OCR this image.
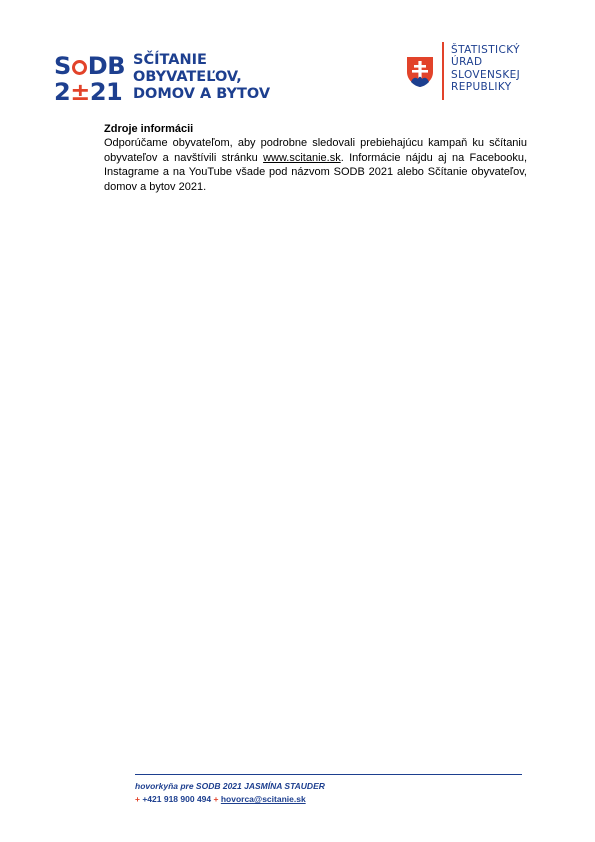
S DB
2±21
SČÍTANIE
OBYVATEĽOV,
DOMOV A BYTOV
ŠTATISTICKÝ
ÚRAD
SLOVENSKEJ
REPUBLIKY
Zdroje informácii

Odporúčame obyvateľom, aby podrobne sledovali prebiehajúcu kampaň ku sčítaniu obyvateľov a navštívili stránku www.scitanie.sk. Informácie nájdu aj na Facebooku, Instagrame a na YouTube všade pod názvom SODB 2021 alebo Sčítanie obyvateľov, domov a bytov 2021.

hovorkyňa pre SODB 2021 JASMÍNA STAUDER
+ +421 918 900 494 + hovorca@scitanie.sk
